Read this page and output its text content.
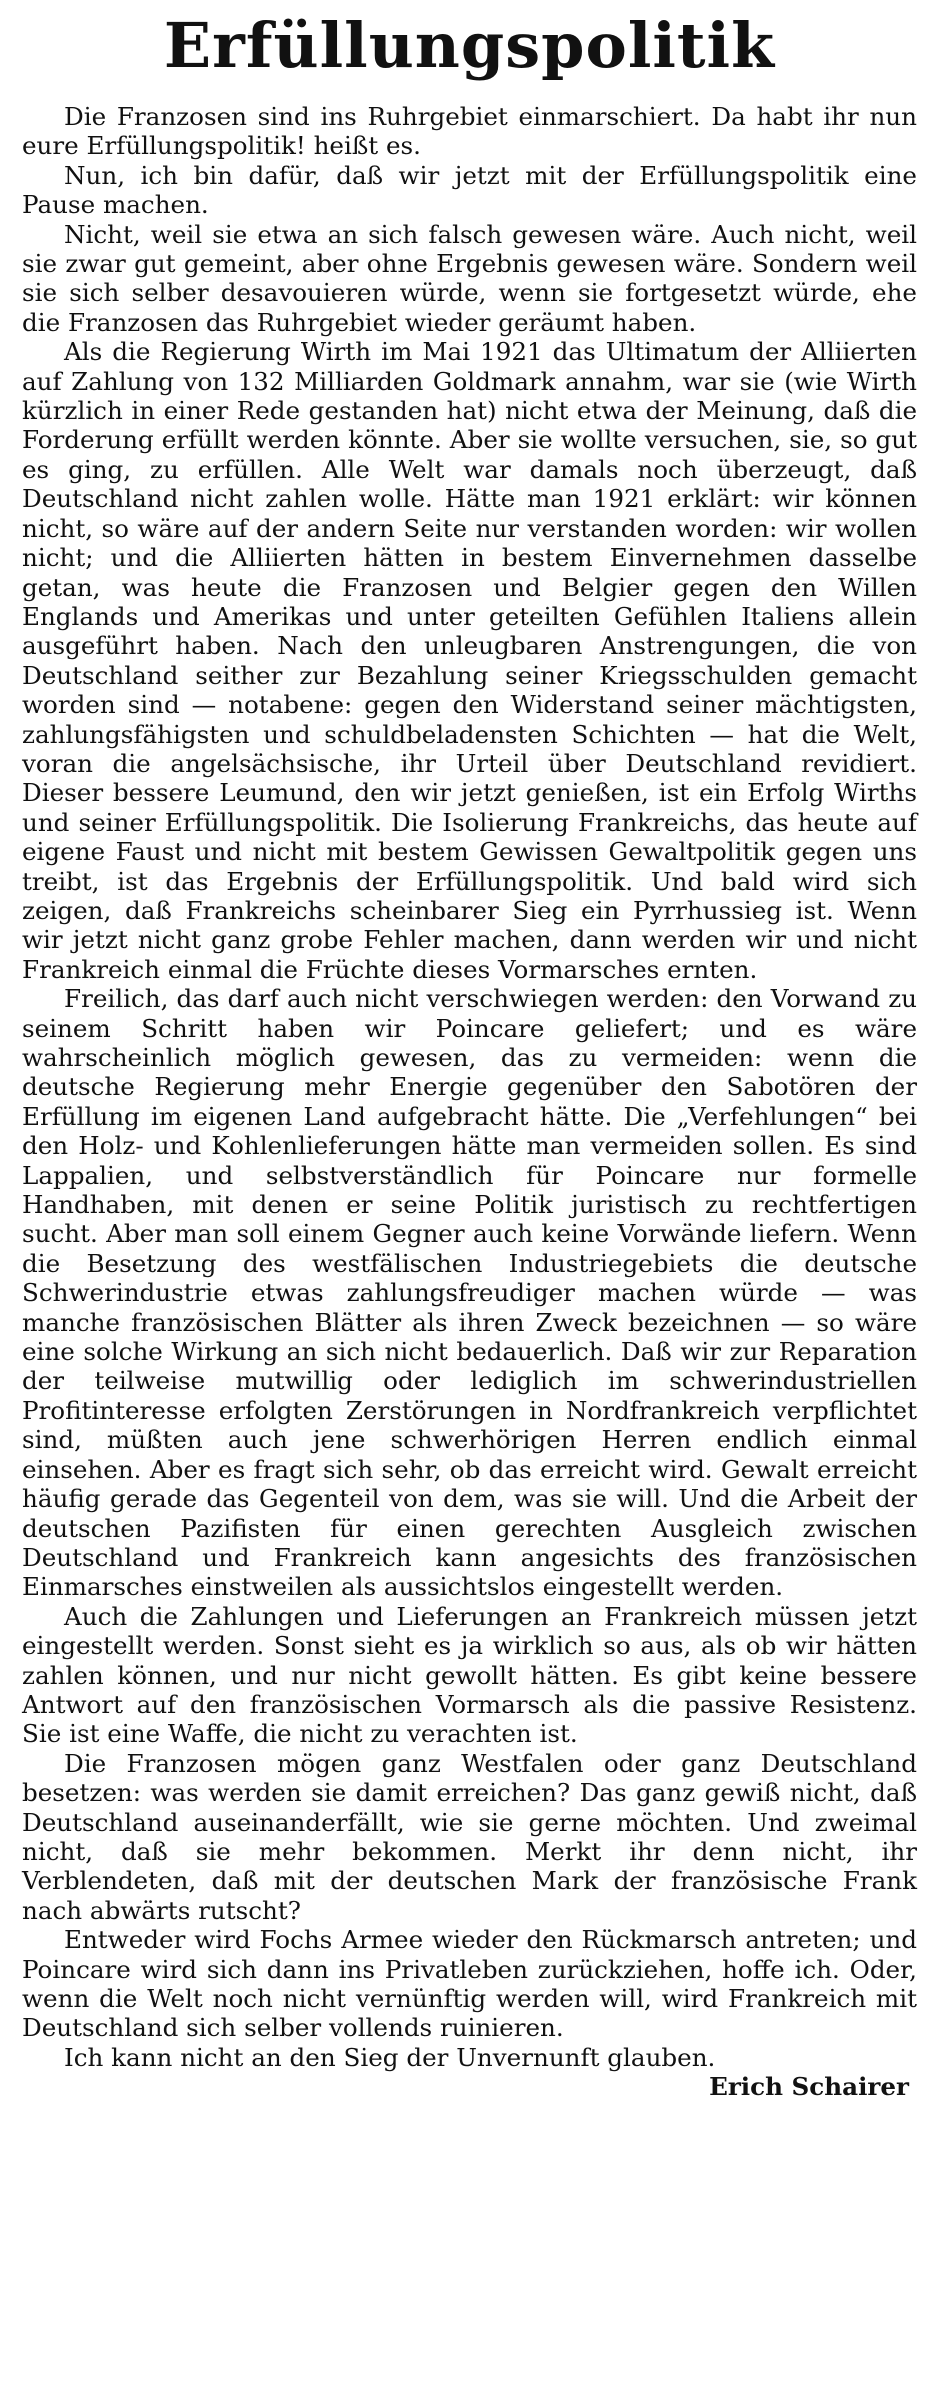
Erfüllungspolitik

Die Franzosen sind ins Ruhrgebiet einmarschiert. Da habt ihr nun eure Erfüllungspolitik! heißt es.

Nun, ich bin dafür, daß wir jetzt mit der Erfüllungspolitik eine Pause machen.

Nicht, weil sie etwa an sich falsch gewesen wäre. Auch nicht, weil sie zwar gut gemeint, aber ohne Ergebnis gewesen wäre. Sondern weil sie sich selber desavouieren würde, wenn sie fortgesetzt würde, ehe die Franzosen das Ruhrgebiet wieder geräumt haben.

Als die Regierung Wirth im Mai 1921 das Ultimatum der Alliierten auf Zahlung von 132 Milliarden Goldmark annahm, war sie (wie Wirth kürzlich in einer Rede gestanden hat) nicht etwa der Meinung, daß die Forderung erfüllt werden könnte. Aber sie wollte versuchen, sie, so gut es ging, zu erfüllen. Alle Welt war damals noch überzeugt, daß Deutschland nicht zahlen wolle. Hätte man 1921 erklärt: wir können nicht, so wäre auf der andern Seite nur verstanden worden: wir wollen nicht; und die Alliierten hätten in bestem Einvernehmen dasselbe getan, was heute die Franzosen und Belgier gegen den Willen Englands und Amerikas und unter geteilten Gefühlen Italiens allein ausgeführt haben. Nach den unleugbaren Anstrengungen, die von Deutschland seither zur Bezahlung seiner Kriegsschulden gemacht worden sind — notabene: gegen den Widerstand seiner mächtigsten, zahlungsfähigsten und schuldbeladensten Schichten — hat die Welt, voran die angelsächsische, ihr Urteil über Deutschland revidiert. Dieser bessere Leumund, den wir jetzt genießen, ist ein Erfolg Wirths und seiner Erfüllungspolitik. Die Isolierung Frankreichs, das heute auf eigene Faust und nicht mit bestem Gewissen Gewaltpolitik gegen uns treibt, ist das Ergebnis der Erfüllungspolitik. Und bald wird sich zeigen, daß Frankreichs scheinbarer Sieg ein Pyrrhussieg ist. Wenn wir jetzt nicht ganz grobe Fehler machen, dann werden wir und nicht Frankreich einmal die Früchte dieses Vormarsches ernten.

Freilich, das darf auch nicht verschwiegen werden: den Vorwand zu seinem Schritt haben wir Poincare geliefert; und es wäre wahrscheinlich möglich gewesen, das zu vermeiden: wenn die deutsche Regierung mehr Energie gegenüber den Sabotören der Erfüllung im eigenen Land aufgebracht hätte. Die „Verfehlungen“ bei den Holz- und Kohlenlieferungen hätte man vermeiden sollen. Es sind Lappalien, und selbstverständlich für Poincare nur formelle Handhaben, mit denen er seine Politik juristisch zu rechtfertigen sucht. Aber man soll einem Gegner auch keine Vorwände liefern. Wenn die Besetzung des westfälischen Industriegebiets die deutsche Schwerindustrie etwas zahlungsfreudiger machen würde — was manche französischen Blätter als ihren Zweck bezeichnen — so wäre eine solche Wirkung an sich nicht bedauerlich. Daß wir zur Reparation der teilweise mutwillig oder lediglich im schwerindustriellen Profitinteresse erfolgten Zerstörungen in Nordfrankreich verpflichtet sind, müßten auch jene schwerhörigen Herren endlich einmal einsehen. Aber es fragt sich sehr, ob das erreicht wird. Gewalt erreicht häufig gerade das Gegenteil von dem, was sie will. Und die Arbeit der deutschen Pazifisten für einen gerechten Ausgleich zwischen Deutschland und Frankreich kann angesichts des französischen Einmarsches einstweilen als aussichtslos eingestellt werden.

Auch die Zahlungen und Lieferungen an Frankreich müssen jetzt eingestellt werden. Sonst sieht es ja wirklich so aus, als ob wir hätten zahlen können, und nur nicht gewollt hätten. Es gibt keine bessere Antwort auf den französischen Vormarsch als die passive Resistenz. Sie ist eine Waffe, die nicht zu verachten ist.

Die Franzosen mögen ganz Westfalen oder ganz Deutschland besetzen: was werden sie damit erreichen? Das ganz gewiß nicht, daß Deutschland auseinanderfällt, wie sie gerne möchten. Und zweimal nicht, daß sie mehr bekommen. Merkt ihr denn nicht, ihr Verblendeten, daß mit der deutschen Mark der französische Frank nach abwärts rutscht?

Entweder wird Fochs Armee wieder den Rückmarsch antreten; und Poincare wird sich dann ins Privatleben zurückziehen, hoffe ich. Oder, wenn die Welt noch nicht vernünftig werden will, wird Frankreich mit Deutschland sich selber vollends ruinieren.

Ich kann nicht an den Sieg der Unvernunft glauben.

Erich Schairer
